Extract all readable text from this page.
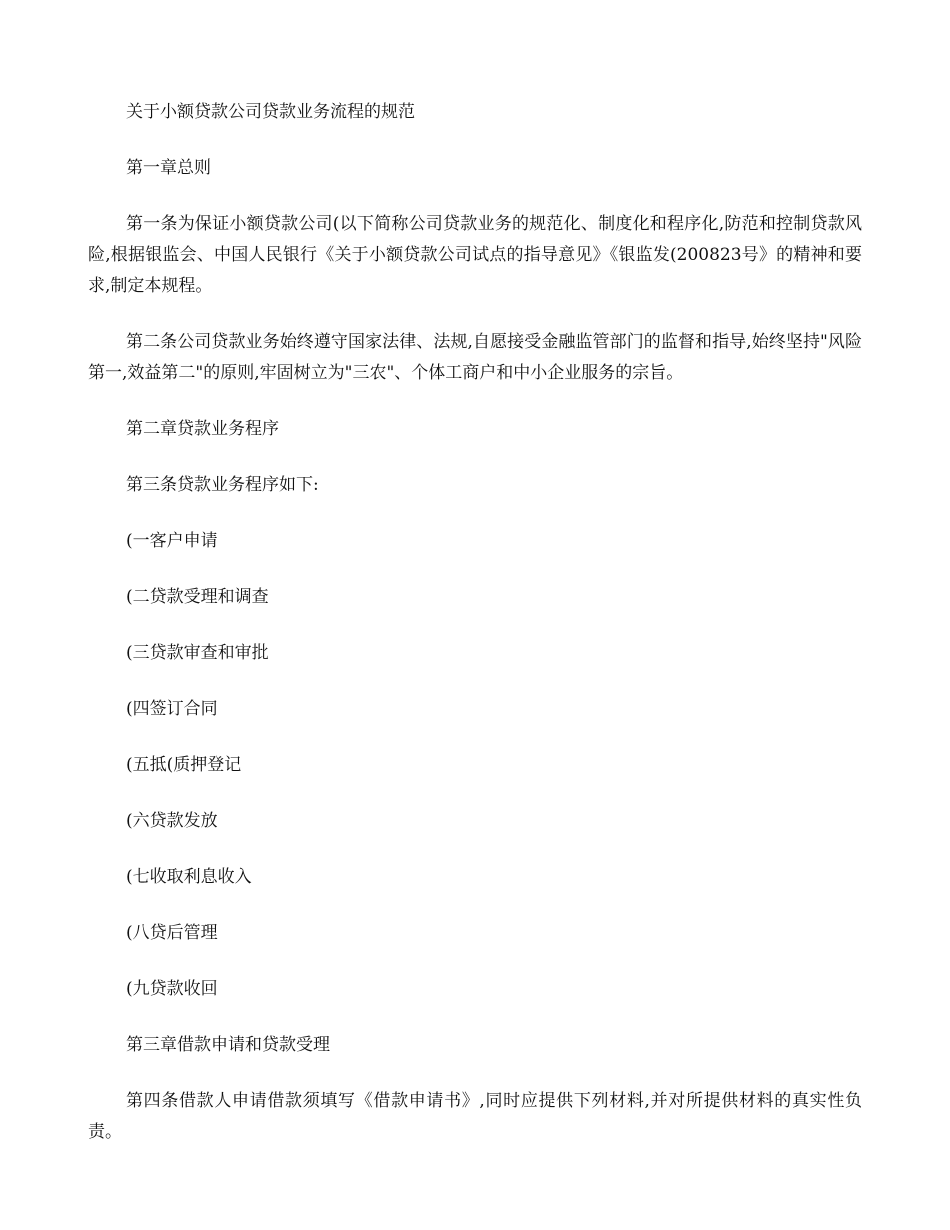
关于小额贷款公司贷款业务流程的规范

第一章总则

第一条为保证小额贷款公司(以下简称公司贷款业务的规范化、制度化和程序化,防范和控制贷款风险,根据银监会、中国人民银行《关于小额贷款公司试点的指导意见》《银监发(200823号》的精神和要求,制定本规程。

第二条公司贷款业务始终遵守国家法律、法规,自愿接受金融监管部门的监督和指导,始终坚持"风险第一,效益第二"的原则,牢固树立为"三农"、个体工商户和中小企业服务的宗旨。

第二章贷款业务程序

第三条贷款业务程序如下:

(一客户申请

(二贷款受理和调查

(三贷款审查和审批

(四签订合同

(五抵(质押登记

(六贷款发放

(七收取利息收入

(八贷后管理

(九贷款收回

第三章借款申请和贷款受理

第四条借款人申请借款须填写《借款申请书》,同时应提供下列材料,并对所提供材料的真实性负责。
